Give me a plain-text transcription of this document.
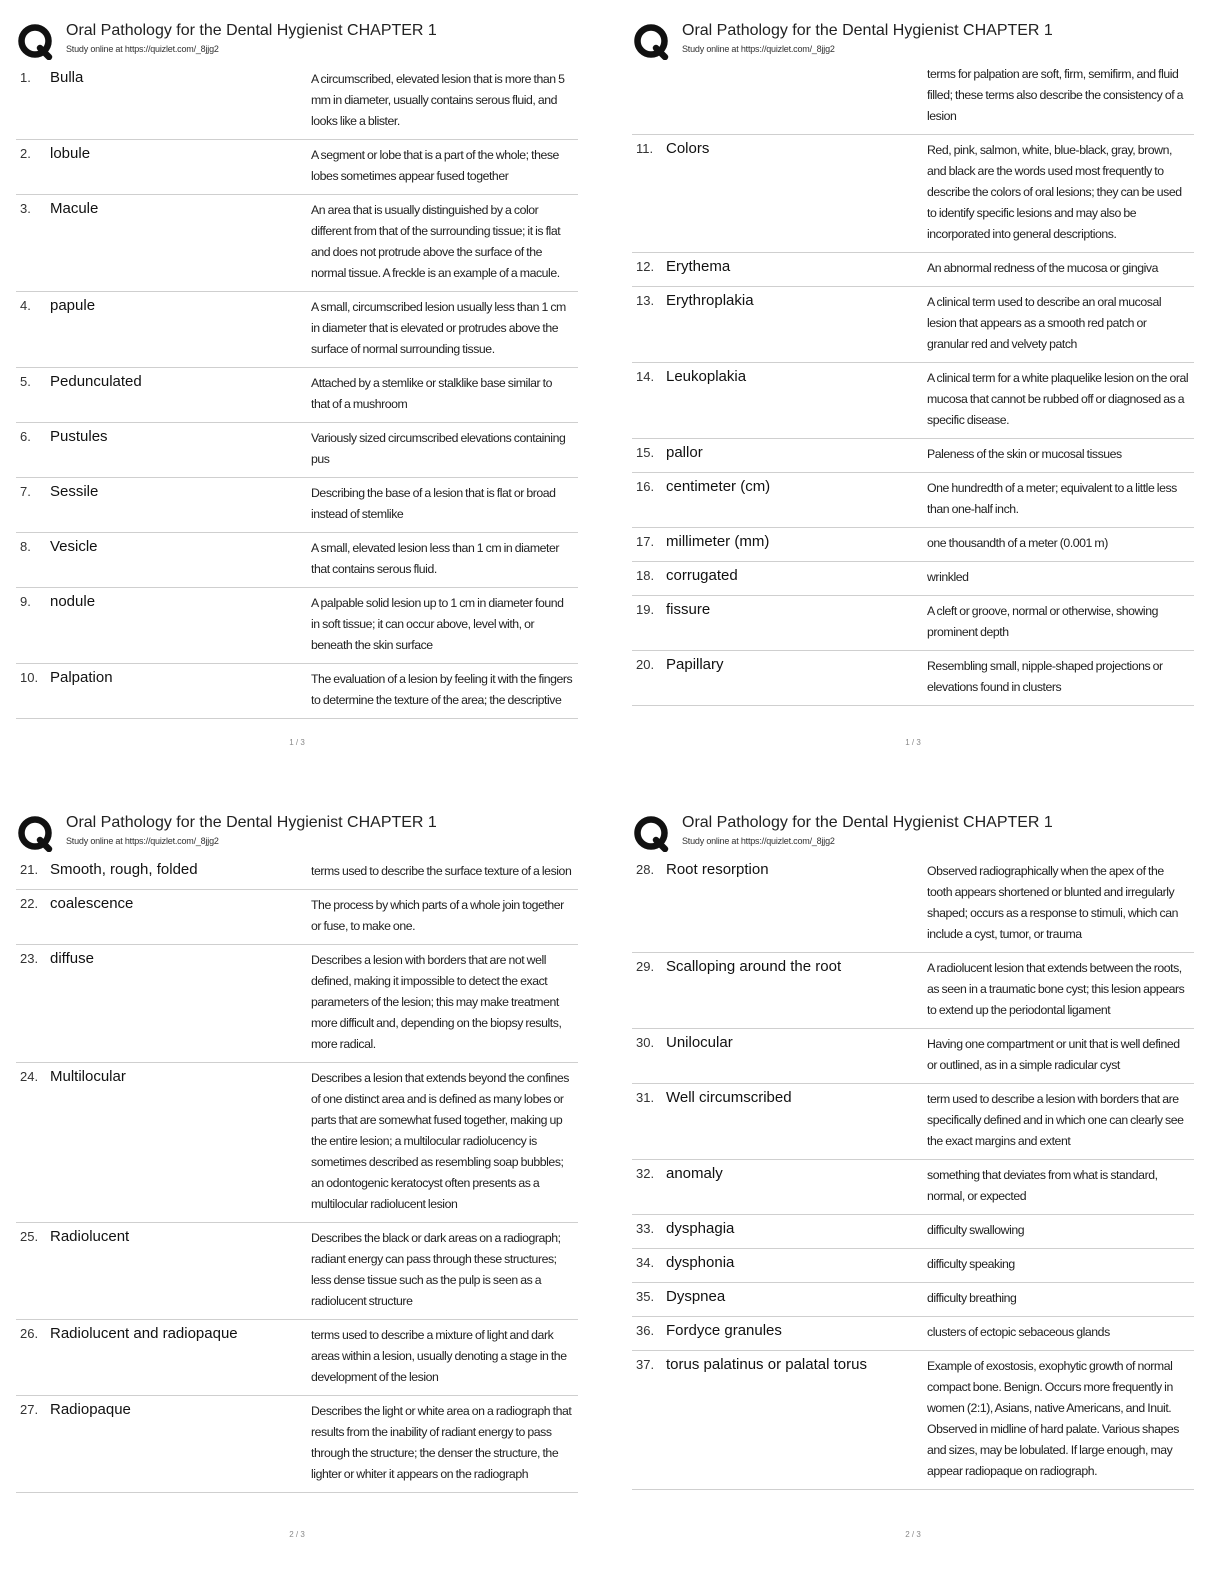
Oral Pathology for the Dental Hygienist CHAPTER 1
Study online at https://quizlet.com/_8jjg2
1. Bulla	A circumscribed, elevated lesion that is more than 5 mm in diameter, usually contains serous fluid, and looks like a blister.
2. lobule	A segment or lobe that is a part of the whole; these lobes sometimes appear fused together
3. Macule	An area that is usually distinguished by a color different from that of the surrounding tissue; it is flat and does not protrude above the surface of the normal tissue. A freckle is an example of a macule.
4. papule	A small, circumscribed lesion usually less than 1 cm in diameter that is elevated or protrudes above the surface of normal surrounding tissue.
5. Pedunculated	Attached by a stemlike or stalklike base similar to that of a mushroom
6. Pustules	Variously sized circumscribed elevations containing pus
7. Sessile	Describing the base of a lesion that is flat or broad instead of stemlike
8. Vesicle	A small, elevated lesion less than 1 cm in diameter that contains serous fluid.
9. nodule	A palpable solid lesion up to 1 cm in diameter found in soft tissue; it can occur above, level with, or beneath the skin surface
10. Palpation	The evaluation of a lesion by feeling it with the fingers to determine the texture of the area; the descriptive
1 / 3
Oral Pathology for the Dental Hygienist CHAPTER 1
Study online at https://quizlet.com/_8jjg2
terms for palpation are soft, firm, semifirm, and fluid filled; these terms also describe the consistency of a lesion
11. Colors	Red, pink, salmon, white, blue-black, gray, brown, and black are the words used most frequently to describe the colors of oral lesions; they can be used to identify specific lesions and may also be incorporated into general descriptions.
12. Erythema	An abnormal redness of the mucosa or gingiva
13. Erythroplakia	A clinical term used to describe an oral mucosal lesion that appears as a smooth red patch or granular red and velvety patch
14. Leukoplakia	A clinical term for a white plaquelike lesion on the oral mucosa that cannot be rubbed off or diagnosed as a specific disease.
15. pallor	Paleness of the skin or mucosal tissues
16. centimeter (cm)	One hundredth of a meter; equivalent to a little less than one-half inch.
17. millimeter (mm)	one thousandth of a meter (0.001 m)
18. corrugated	wrinkled
19. fissure	A cleft or groove, normal or otherwise, showing prominent depth
20. Papillary	Resembling small, nipple-shaped projections or elevations found in clusters
1 / 3
Oral Pathology for the Dental Hygienist CHAPTER 1
Study online at https://quizlet.com/_8jjg2
21. Smooth, rough, folded	terms used to describe the surface texture of a lesion
22. coalescence	The process by which parts of a whole join together or fuse, to make one.
23. diffuse	Describes a lesion with borders that are not well defined, making it impossible to detect the exact parameters of the lesion; this may make treatment more difficult and, depending on the biopsy results, more radical.
24. Multilocular	Describes a lesion that extends beyond the confines of one distinct area and is defined as many lobes or parts that are somewhat fused together, making up the entire lesion; a multilocular radiolucency is sometimes described as resembling soap bubbles; an odontogenic keratocyst often presents as a multilocular radiolucent lesion
25. Radiolucent	Describes the black or dark areas on a radiograph; radiant energy can pass through these structures; less dense tissue such as the pulp is seen as a radiolucent structure
26. Radiolucent and radiopaque	terms used to describe a mixture of light and dark areas within a lesion, usually denoting a stage in the development of the lesion
27. Radiopaque	Describes the light or white area on a radiograph that results from the inability of radiant energy to pass through the structure; the denser the structure, the lighter or whiter it appears on the radiograph
2 / 3
Oral Pathology for the Dental Hygienist CHAPTER 1
Study online at https://quizlet.com/_8jjg2
28. Root resorption	Observed radiographically when the apex of the tooth appears shortened or blunted and irregularly shaped; occurs as a response to stimuli, which can include a cyst, tumor, or trauma
29. Scalloping around the root	A radiolucent lesion that extends between the roots, as seen in a traumatic bone cyst; this lesion appears to extend up the periodontal ligament
30. Unilocular	Having one compartment or unit that is well defined or outlined, as in a simple radicular cyst
31. Well circumscribed	term used to describe a lesion with borders that are specifically defined and in which one can clearly see the exact margins and extent
32. anomaly	something that deviates from what is standard, normal, or expected
33. dysphagia	difficulty swallowing
34. dysphonia	difficulty speaking
35. Dyspnea	difficulty breathing
36. Fordyce granules	clusters of ectopic sebaceous glands
37. torus palatinus or palatal torus	Example of exostosis, exophytic growth of normal compact bone. Benign. Occurs more frequently in women (2:1), Asians, native Americans, and Inuit. Observed in midline of hard palate. Various shapes and sizes, may be lobulated. If large enough, may appear radiopaque on radiograph.
2 / 3
